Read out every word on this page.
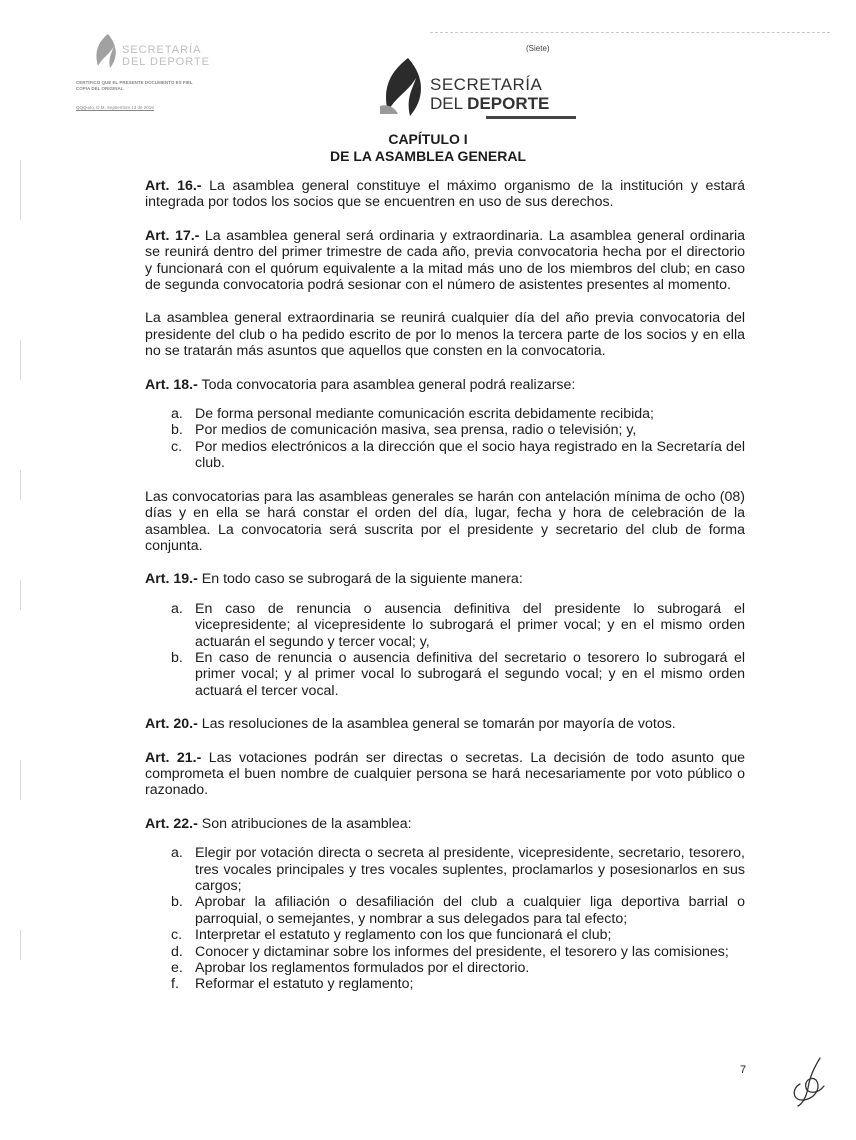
(Siete)
SECRETARÍA
DEL DEPORTE
CERTIFICO QUE EL PRESENTE DOCUMENTO ES FIEL COPIA DEL ORIGINAL
QQQuito, D.M. Septiembre 13 de 2018
SECRETARÍA
DEL DEPORTE
CAPÍTULO I
DE LA ASAMBLEA GENERAL

Art. 16.- La asamblea general constituye el máximo organismo de la institución y estará integrada por todos los socios que se encuentren en uso de sus derechos.

Art. 17.- La asamblea general será ordinaria y extraordinaria. La asamblea general ordinaria se reunirá dentro del primer trimestre de cada año, previa convocatoria hecha por el directorio y funcionará con el quórum equivalente a la mitad más uno de los miembros del club; en caso de segunda convocatoria podrá sesionar con el número de asistentes presentes al momento.

La asamblea general extraordinaria se reunirá cualquier día del año previa convocatoria del presidente del club o ha pedido escrito de por lo menos la tercera parte de los socios y en ella no se tratarán más asuntos que aquellos que consten en la convocatoria.

Art. 18.- Toda convocatoria para asamblea general podrá realizarse:

a. De forma personal mediante comunicación escrita debidamente recibida;
b. Por medios de comunicación masiva, sea prensa, radio o televisión; y,
c. Por medios electrónicos a la dirección que el socio haya registrado en la Secretaría del club.

Las convocatorias para las asambleas generales se harán con antelación mínima de ocho (08) días y en ella se hará constar el orden del día, lugar, fecha y hora de celebración de la asamblea. La convocatoria será suscrita por el presidente y secretario del club de forma conjunta.

Art. 19.- En todo caso se subrogará de la siguiente manera:

a. En caso de renuncia o ausencia definitiva del presidente lo subrogará el vicepresidente; al vicepresidente lo subrogará el primer vocal; y en el mismo orden actuarán el segundo y tercer vocal; y,
b. En caso de renuncia o ausencia definitiva del secretario o tesorero lo subrogará el primer vocal; y al primer vocal lo subrogará el segundo vocal; y en el mismo orden actuará el tercer vocal.

Art. 20.- Las resoluciones de la asamblea general se tomarán por mayoría de votos.

Art. 21.- Las votaciones podrán ser directas o secretas. La decisión de todo asunto que comprometa el buen nombre de cualquier persona se hará necesariamente por voto público o razonado.

Art. 22.- Son atribuciones de la asamblea:

a. Elegir por votación directa o secreta al presidente, vicepresidente, secretario, tesorero, tres vocales principales y tres vocales suplentes, proclamarlos y posesionarlos en sus cargos;
b. Aprobar la afiliación o desafiliación del club a cualquier liga deportiva barrial o parroquial, o semejantes, y nombrar a sus delegados para tal efecto;
c. Interpretar el estatuto y reglamento con los que funcionará el club;
d. Conocer y dictaminar sobre los informes del presidente, el tesorero y las comisiones;
e. Aprobar los reglamentos formulados por el directorio.
f. Reformar el estatuto y reglamento;
7
